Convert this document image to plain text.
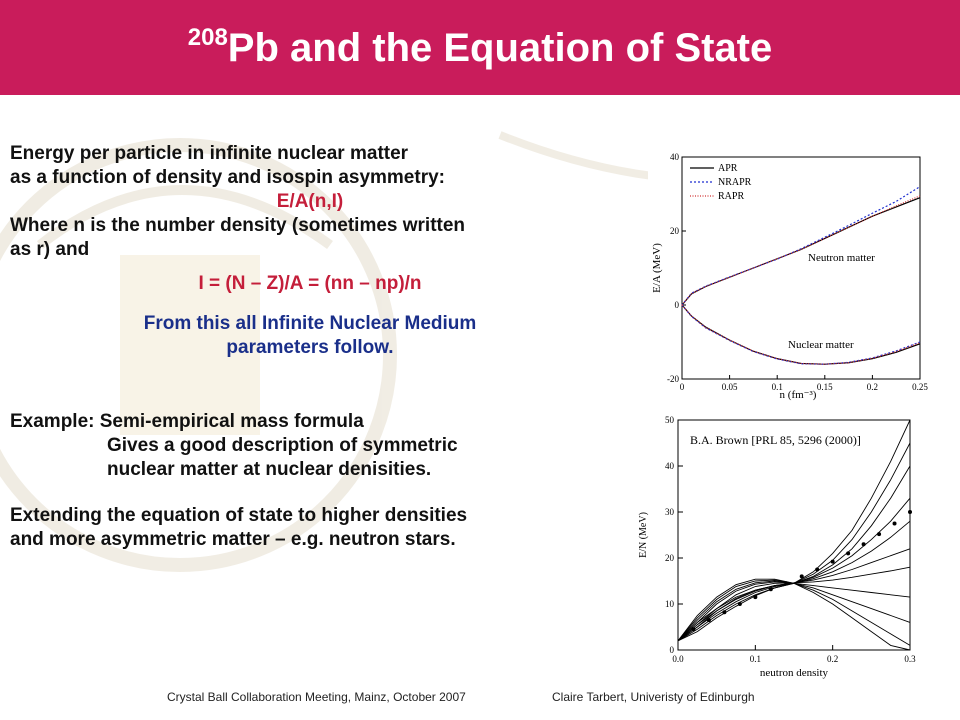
$^{208}$Pb and the Equation of State

Energy per particle in infinite nuclear matter

as a function of density and isospin asymmetry:

E/A(n,I)

Where n is the number density (sometimes written

as r) and

I = (N – Z)/A = (nn – np)/n

From this all Infinite Nuclear Medium

parameters follow.

Example: Semi-empirical mass formula

Gives a good description of symmetric

nuclear matter at nuclear denisities.

Extending the equation of state to higher densities

and more asymmetric matter – e.g. neutron stars.

0	0.05	0.1	0.15	0.2	0.25
-20
0
20
40
APR
NRAPR
RAPR
Neutron matter
Nuclear matter
n (fm⁻³)
E/A (MeV)
B.A. Brown [PRL 85, 5296 (2000)]
0.0	0.1	0.2	0.3
0
10
20
30
40
50
neutron density
E/N (MeV)
Crystal Ball Collaboration Meeting, Mainz, October 2007	Claire Tarbert, Univeristy of Edinburgh
